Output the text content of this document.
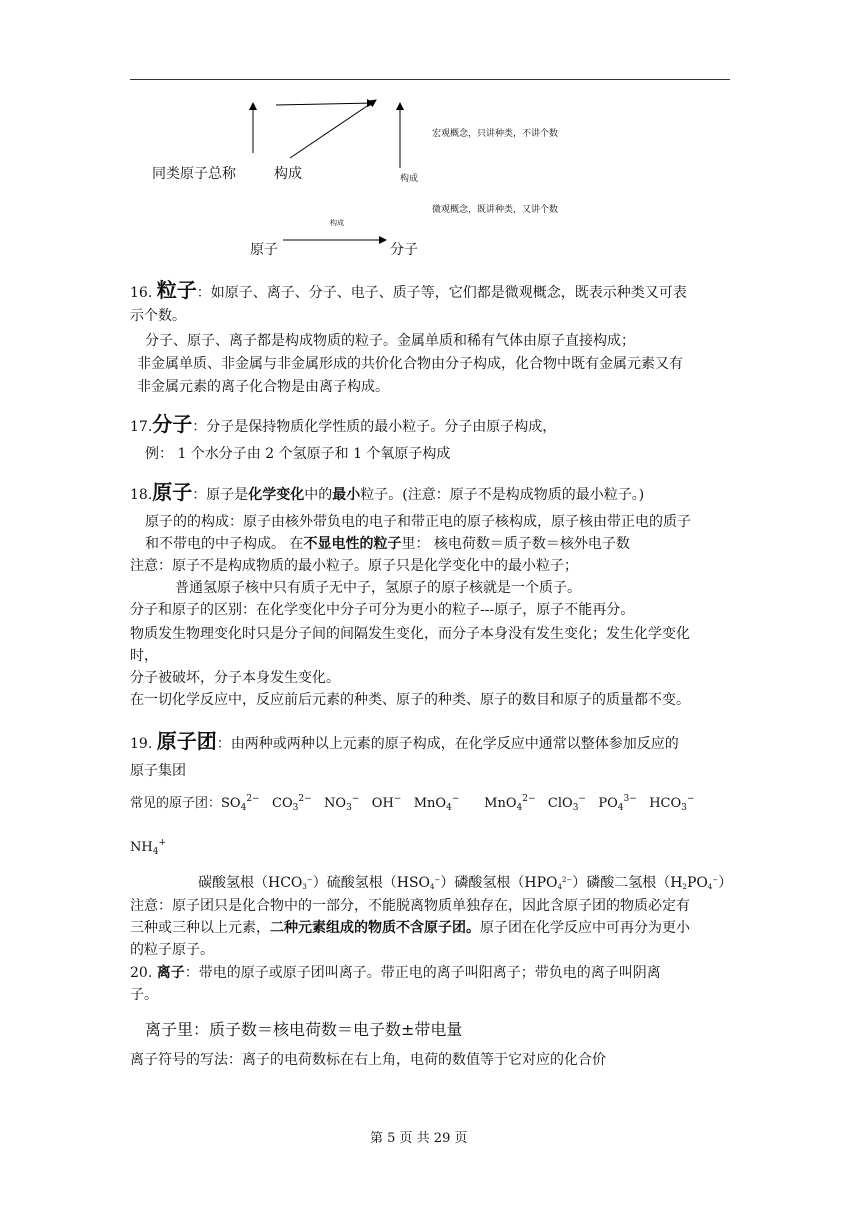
同类原子总称	构成	构成
宏观概念，只讲种类，不讲个数
微观概念，既讲种类，又讲个数
构成
原子	分子
16. 粒子：如原子、离子、分子、电子、质子等，它们都是微观概念，既表示种类又可表
示个数。
分子、原子、离子都是构成物质的粒子。金属单质和稀有气体由原子直接构成；
非金属单质、非金属与非金属形成的共价化合物由分子构成，化合物中既有金属元素又有
非金属元素的离子化合物是由离子构成。
17.分子：分子是保持物质化学性质的最小粒子。分子由原子构成，
例： 1 个水分子由 2 个氢原子和 1 个氧原子构成
18.原子：原子是化学变化中的最小粒子。(注意：原子不是构成物质的最小粒子。)
原子的的构成：原子由核外带负电的电子和带正电的原子核构成，原子核由带正电的质子
和不带电的中子构成。 在不显电性的粒子里： 核电荷数＝质子数＝核外电子数
注意：原子不是构成物质的最小粒子。原子只是化学变化中的最小粒子；
普通氢原子核中只有质子无中子，氢原子的原子核就是一个质子。
分子和原子的区别：在化学变化中分子可分为更小的粒子---原子，原子不能再分。
物质发生物理变化时只是分子间的间隔发生变化，而分子本身没有发生变化；发生化学变化
时，
分子被破坏，分子本身发生变化。
在一切化学反应中，反应前后元素的种类、原子的种类、原子的数目和原子的质量都不变。
19. 原子团：由两种或两种以上元素的原子构成，在化学反应中通常以整体参加反应的
原子集团
常见的原子团：$SO_4^{2-}$ $CO_3^{2-}$ $NO_3^-$ OH− MnO$_4$− MnO$_4^{2-}$ ClO$_3$− $PO_4^{3-}$ $HCO_3^-$
$NH_4^+$
碳酸氢根$(HCO_3^-)$硫酸氢根$(HSO_4^-)$磷酸氢根$(HPO_4^{2-})$磷酸二氢根$(H_2PO_4^-)$
注意：原子团只是化合物中的一部分，不能脱离物质单独存在，因此含原子团的物质必定有
三种或三种以上元素，二种元素组成的物质不含原子团。原子团在化学反应中可再分为更小
的粒子原子。
20. 离子：带电的原子或原子团叫离子。带正电的离子叫阳离子；带负电的离子叫阴离
子。
离子里：质子数＝核电荷数＝电子数±带电量
离子符号的写法：离子的电荷数标在右上角，电荷的数值等于它对应的化合价
第 5 页 共 29 页
